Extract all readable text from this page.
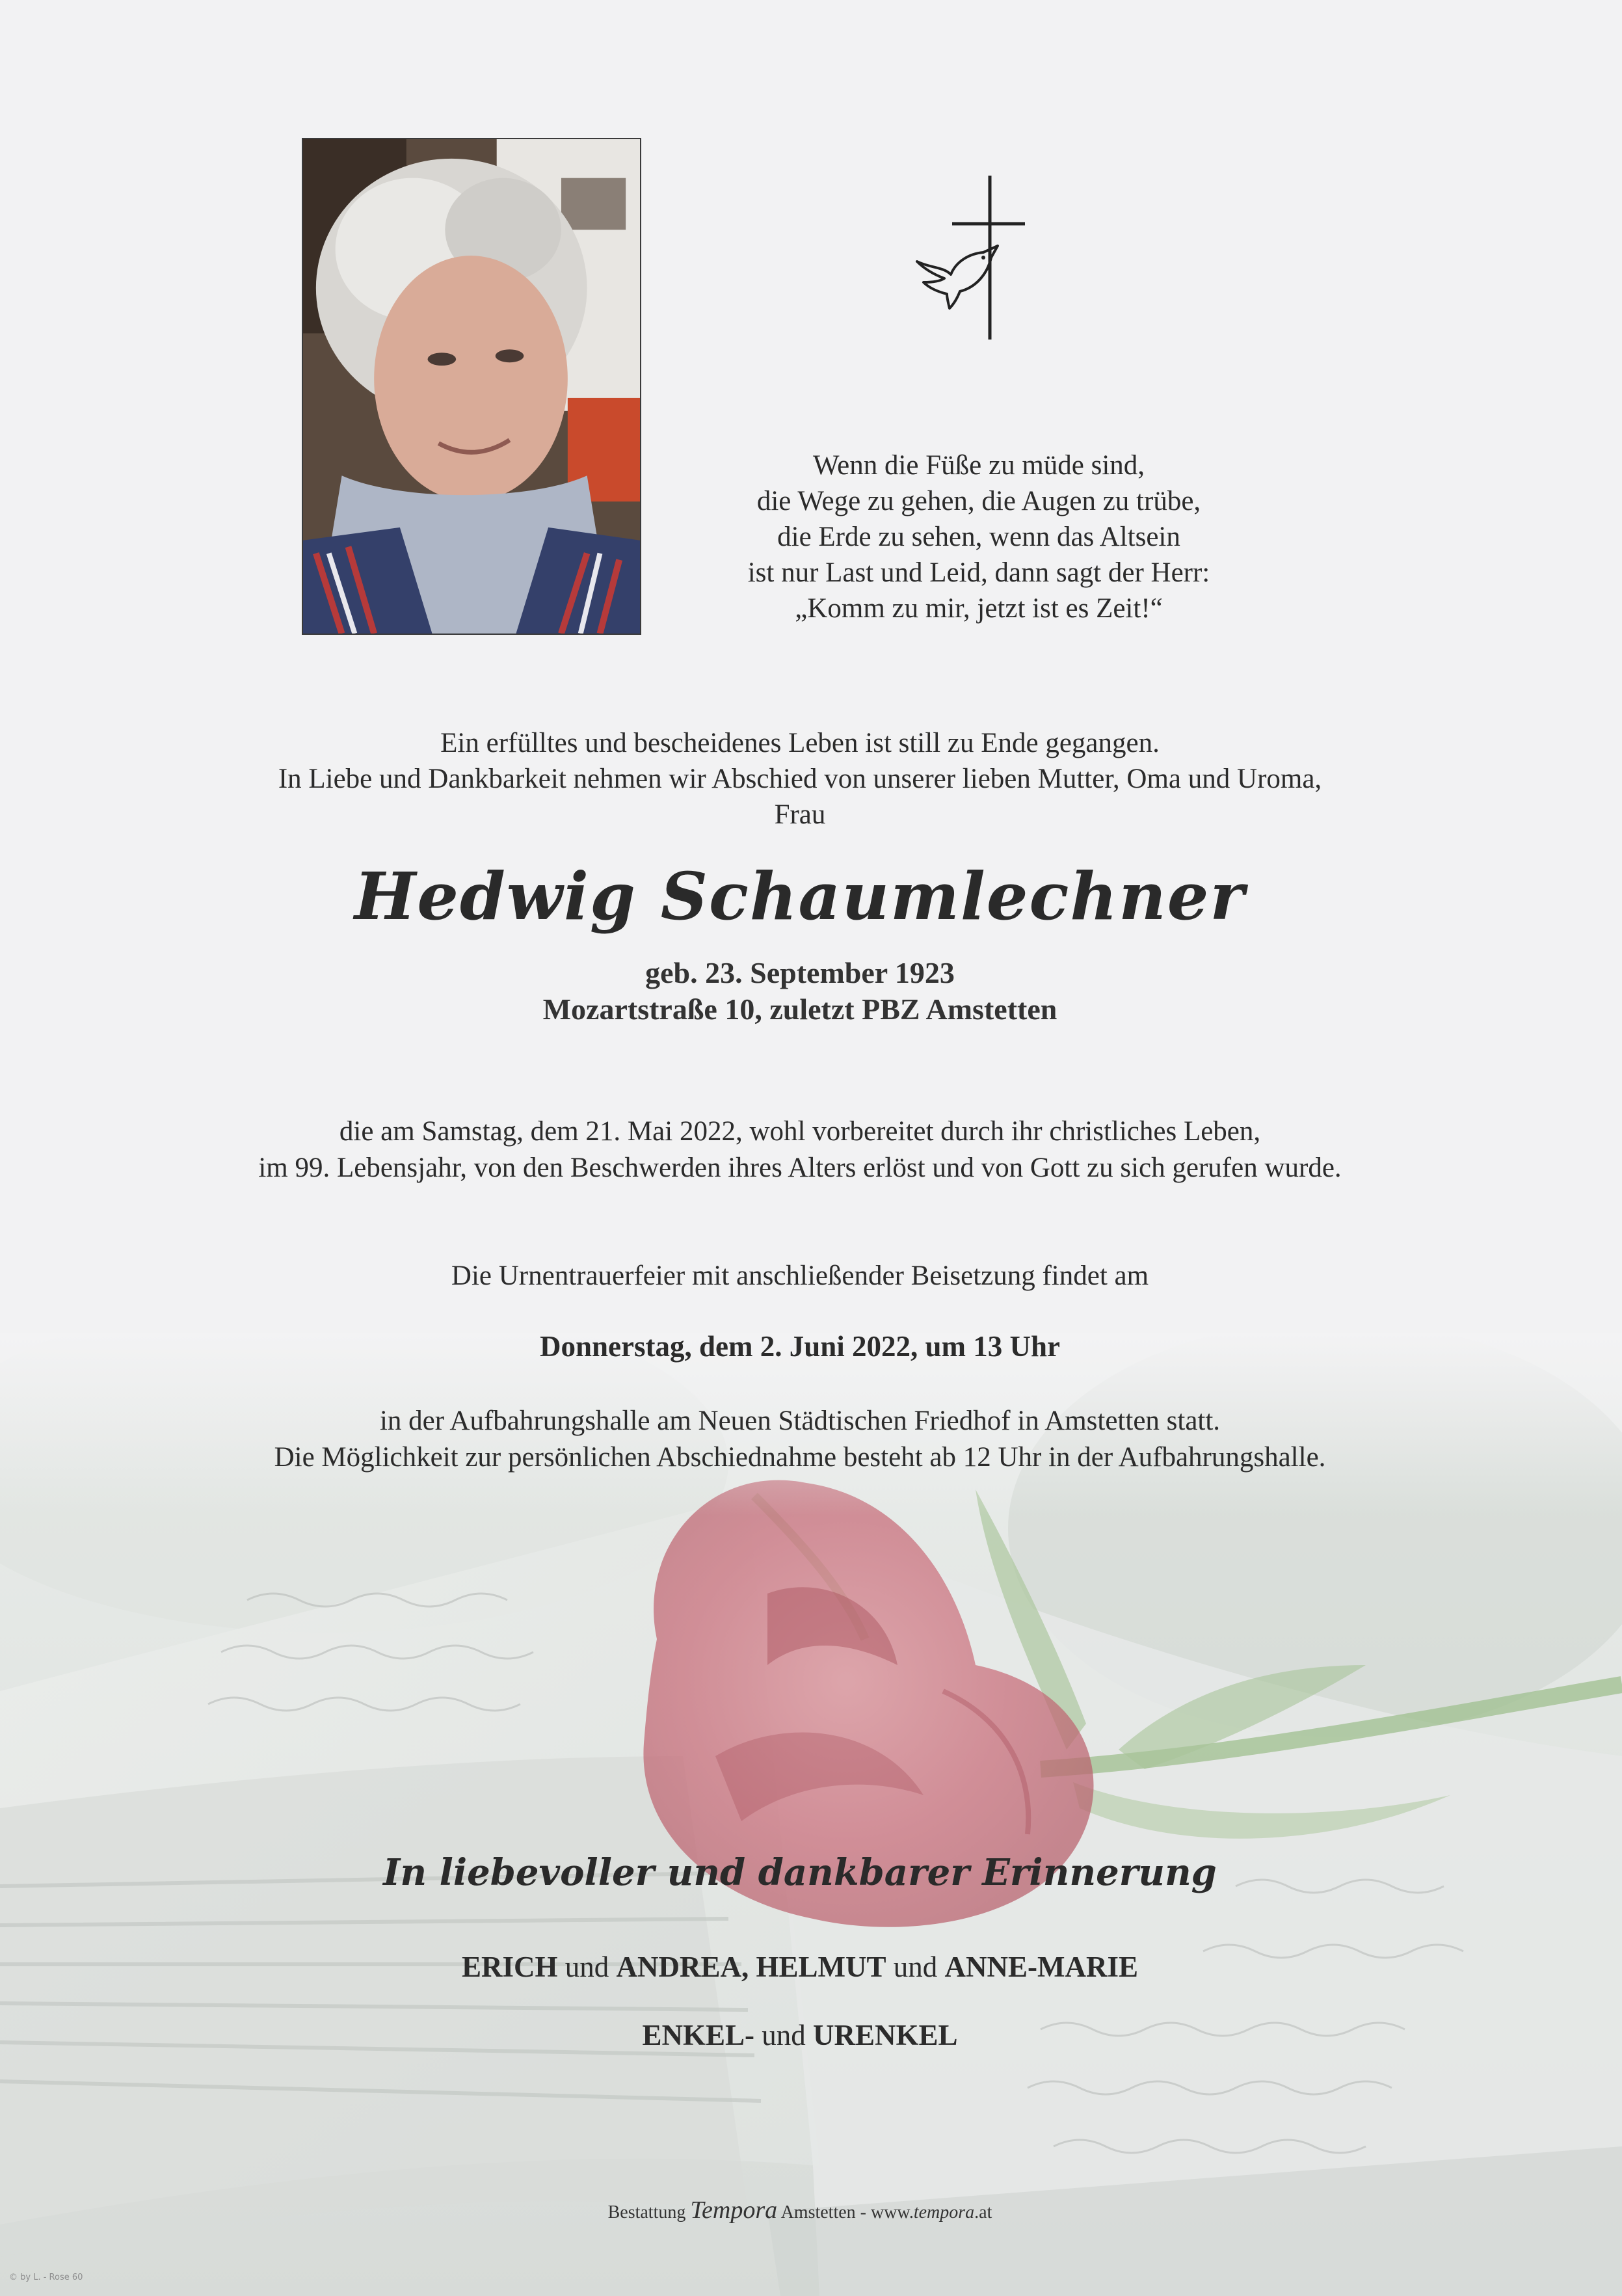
Wenn die Füße zu müde sind,
die Wege zu gehen, die Augen zu trübe,
die Erde zu sehen, wenn das Altsein
ist nur Last und Leid, dann sagt der Herr:
„Komm zu mir, jetzt ist es Zeit!“
Ein erfülltes und bescheidenes Leben ist still zu Ende gegangen.
In Liebe und Dankbarkeit nehmen wir Abschied von unserer lieben Mutter, Oma und Uroma,
Frau
Hedwig Schaumlechner
geb. 23. September 1923
Mozartstraße 10, zuletzt PBZ Amstetten
die am Samstag, dem 21. Mai 2022, wohl vorbereitet durch ihr christliches Leben,
im 99. Lebensjahr, von den Beschwerden ihres Alters erlöst und von Gott zu sich gerufen wurde.
Die Urnentrauerfeier mit anschließender Beisetzung findet am
Donnerstag, dem 2. Juni 2022, um 13 Uhr
in der Aufbahrungshalle am Neuen Städtischen Friedhof in Amstetten statt.
Die Möglichkeit zur persönlichen Abschiednahme besteht ab 12 Uhr in der Aufbahrungshalle.
In liebevoller und dankbarer Erinnerung
ERICH und ANDREA, HELMUT und ANNE-MARIE
ENKEL- und URENKEL
Bestattung Tempora Amstetten - www.tempora.at
© by L. - Rose 60
